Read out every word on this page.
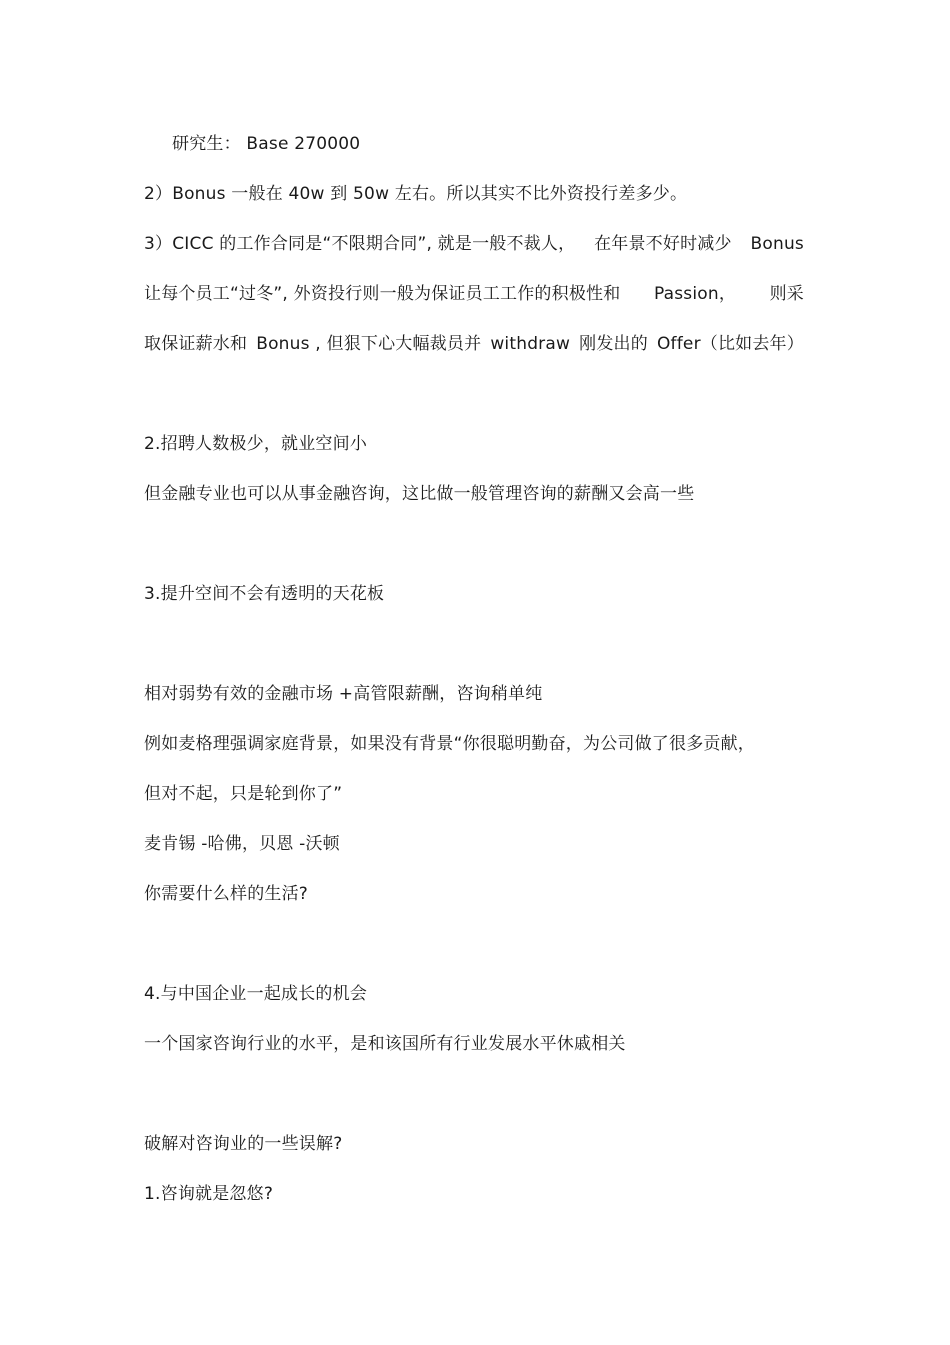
研究生： Base 270000
2）Bonus 一般在 40w 到 50w 左右。所以其实不比外资投行差多少。
3）CICC 的工作合同是“不限期合同”, 就是一般不裁人， 在年景不好时减少 Bonus
让每个员工“过冬”, 外资投行则一般为保证员工工作的积极性和 Passion， 则采
取保证薪水和 Bonus , 但狠下心大幅裁员并 withdraw 刚发出的 Offer（比如去年）
2.招聘人数极少，就业空间小
但金融专业也可以从事金融咨询，这比做一般管理咨询的薪酬又会高一些
3.提升空间不会有透明的天花板
相对弱势有效的金融市场 +高管限薪酬，咨询稍单纯
例如麦格理强调家庭背景，如果没有背景“你很聪明勤奋，为公司做了很多贡献，
但对不起，只是轮到你了”
麦肯锡 -哈佛，贝恩 -沃顿
你需要什么样的生活?
4.与中国企业一起成长的机会
一个国家咨询行业的水平，是和该国所有行业发展水平休戚相关
破解对咨询业的一些误解?
1.咨询就是忽悠?
